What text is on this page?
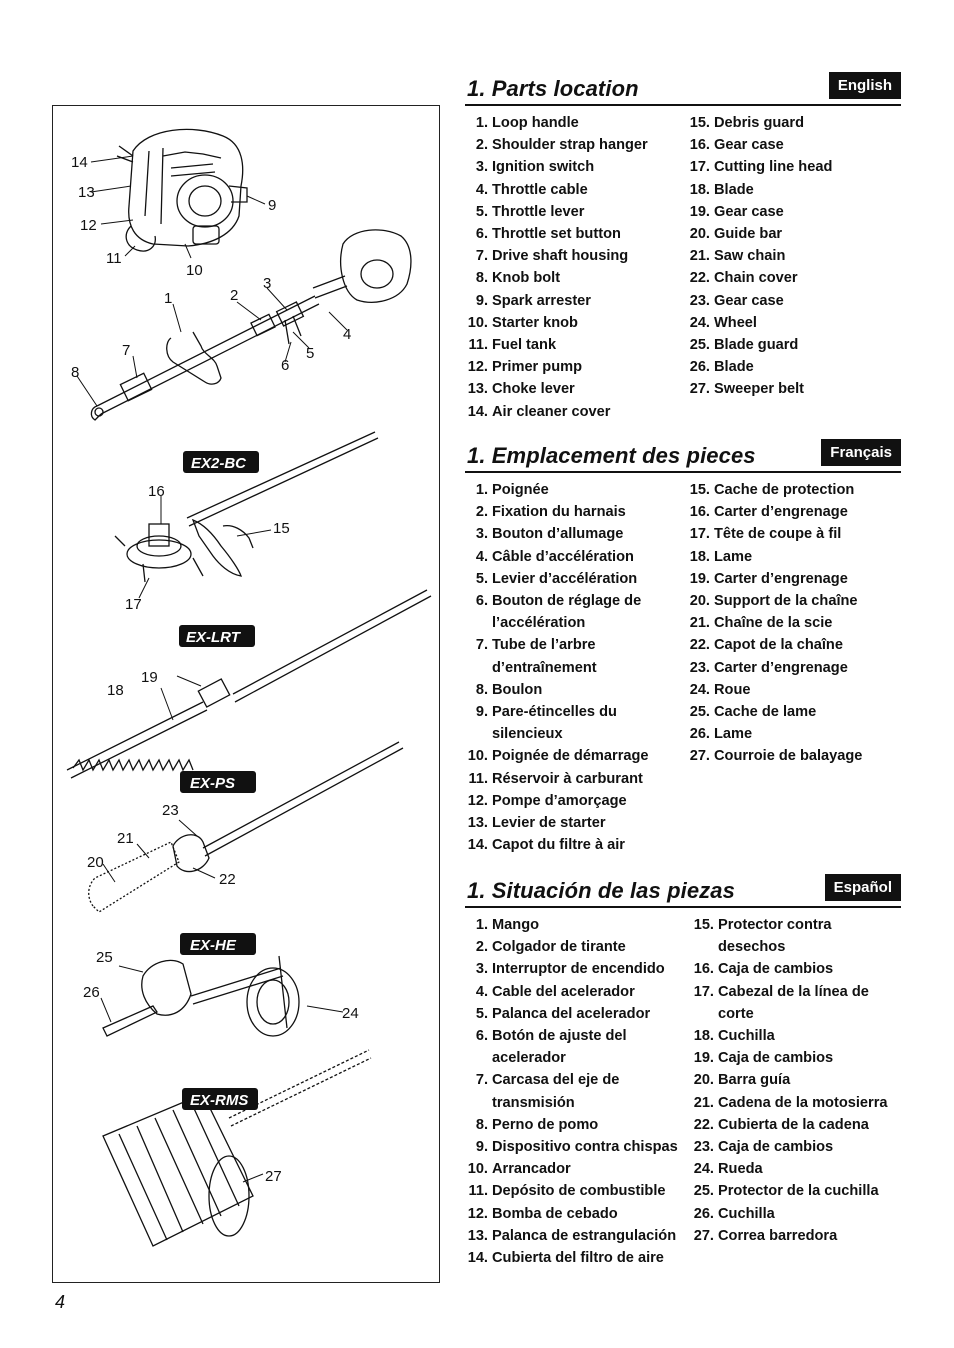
14
13
12
11
10
9
1	2
3
4
5
6
7
8
16
15
17
19
18
23
21
20
22
25
26
24
27
EX2-BC
EX-LRT
EX-PS
EX-HE
EX-RMS
1. Parts location	English
1. Loop handle
2. Shoulder strap hanger
3. Ignition switch
4. Throttle cable
5. Throttle lever
6. Throttle set button
7. Drive shaft housing
8. Knob bolt
9. Spark arrester
10. Starter knob
11. Fuel tank
12. Primer pump
13. Choke lever
14. Air cleaner cover
15. Debris guard
16. Gear case
17. Cutting line head
18. Blade
19. Gear case
20. Guide bar
21. Saw chain
22. Chain cover
23. Gear case
24. Wheel
25. Blade guard
26. Blade
27. Sweeper belt
1. Emplacement des pieces	Français
1. Poignée
2. Fixation du harnais
3. Bouton d’allumage
4. Câble d’accélération
5. Levier d’accélération
6. Bouton de réglage de
l’accélération
7. Tube de l’arbre
d’entraînement
8. Boulon
9. Pare-étincelles du
silencieux
10. Poignée de démarrage
11. Réservoir à carburant
12. Pompe d’amorçage
13. Levier de starter
14. Capot du filtre à air
15. Cache de protection
16. Carter d’engrenage
17. Tête de coupe à fil
18. Lame
19. Carter d’engrenage
20. Support de la chaîne
21. Chaîne de la scie
22. Capot de la chaîne
23. Carter d’engrenage
24. Roue
25. Cache de lame
26. Lame
27. Courroie de balayage
1. Situación de las piezas	Español
1. Mango
2. Colgador de tirante
3. Interruptor de encendido
4. Cable del acelerador
5. Palanca del acelerador
6. Botón de ajuste del
acelerador
7. Carcasa del eje de
transmisión
8. Perno de pomo
9. Dispositivo contra chispas
10. Arrancador
11. Depósito de combustible
12. Bomba de cebado
13. Palanca de estrangulación
14. Cubierta del filtro de aire
15. Protector contra desechos
16. Caja de cambios
17. Cabezal de la línea de corte
18. Cuchilla
19. Caja de cambios
20. Barra guía
21. Cadena de la motosierra
22. Cubierta de la cadena
23. Caja de cambios
24. Rueda
25. Protector de la cuchilla
26. Cuchilla
27. Correa barredora
4
